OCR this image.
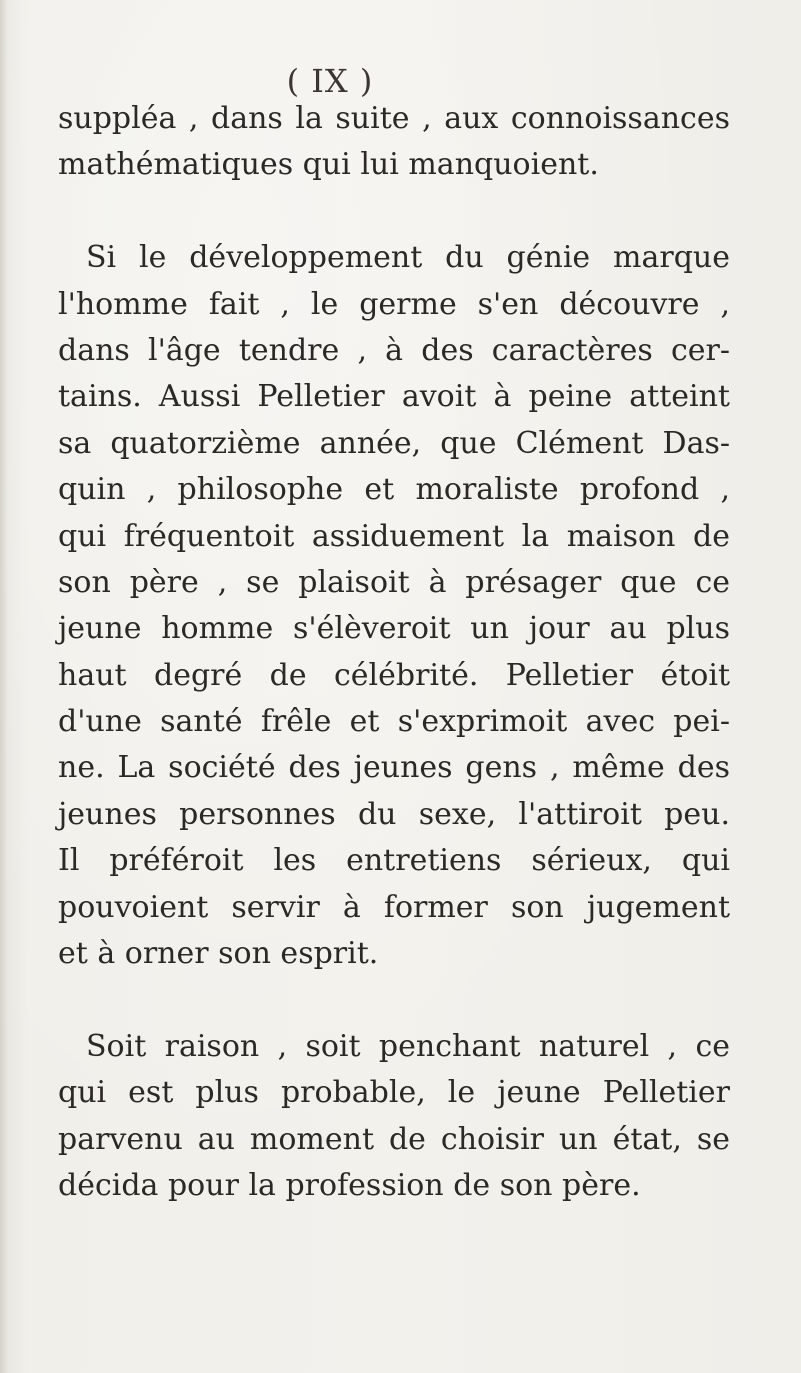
( IX )
suppléa , dans la suite , aux connoissances
mathématiques qui lui manquoient.
Si le développement du génie marque
l'homme fait , le germe s'en découvre ,
dans l'âge tendre , à des caractères cer-
tains. Aussi Pelletier avoit à peine atteint
sa quatorzième année, que Clément Das-
quin , philosophe et moraliste profond ,
qui fréquentoit assiduement la maison de
son père , se plaisoit à présager que ce
jeune homme s'élèveroit un jour au plus
haut degré de célébrité. Pelletier étoit
d'une santé frêle et s'exprimoit avec pei-
ne. La société des jeunes gens , même des
jeunes personnes du sexe, l'attiroit peu.
Il préféroit les entretiens sérieux, qui
pouvoient servir à former son jugement
et à orner son esprit.
Soit raison , soit penchant naturel , ce
qui est plus probable, le jeune Pelletier
parvenu au moment de choisir un état, se
décida pour la profession de son père.
